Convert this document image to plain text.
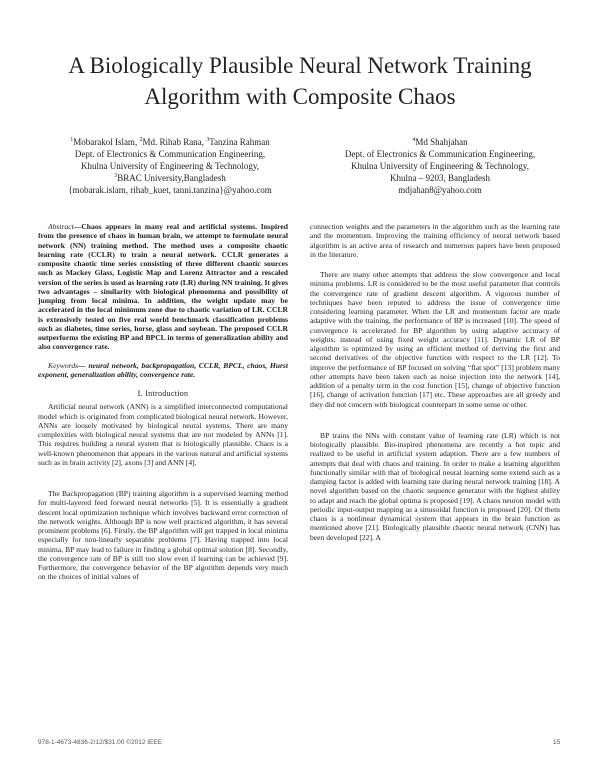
A Biologically Plausible Neural Network Training
Algorithm with Composite Chaos
$^1$Mobarakol Islam, $^2$Md. Rihab Rana, $^3$Tanzina Rahman
Dept. of Electronics & Communication Engineering,
Khulna University of Engineering & Technology,
$^3$BRAC University,Bangladesh
{mobarak.islam, rihab_kuet, tanni.tanzina}@yahoo.com
$^4$Md Shahjahan
Dept. of Electronics & Communication Engineering,
Khulna University of Engineering & Technology,
Khulna – 9203, Bangladesh
mdjahan8@yahoo.com

Abstract—Chaos appears in many real and artificial systems. Inspired from the presence of chaos in human brain, we attempt to formulate neural network (NN) training method. The method uses a composite chaotic learning rate (CCLR) to train a neural network. CCLR generates a composite chaotic time series consisting of three different chaotic sources such as Mackey Glass, Logistic Map and Lorenz Attractor and a rescaled version of the series is used as learning rate (LR) during NN training. It gives two advantages – similarity with biological phenomena and possibility of jumping from local minima. In addition, the weight update may be accelerated in the local minimum zone due to chaotic variation of LR. CCLR is extensively tested on five real world benchmark classification problems such as diabetes, time series, horse, glass and soybean. The proposed CCLR outperforms the existing BP and BPCL in terms of generalization ability and also convergence rate.

Keywords— neural network, backpropagation, CCLR, BPCL, chaos, Hurst exponent, generalization ability, convergence rate.

I. Introduction

Artificial neural network (ANN) is a simplified interconnected computational model which is originated from complicated biological neural network. However, ANNs are loosely motivated by biological neural systems. There are many complexities with biological neural systems that are not modeled by ANNs [1]. This requires building a neural system that is biologically plausible. Chaos is a well-known phenomenon that appears in the various natural and artificial systems such as in brain activity [2], axons [3] and ANN [4].

The Backpropagation (BP) training algorithm is a supervised learning method for multi-layered feed forward neural networks [5]. It is essentially a gradient descent local optimization technique which involves backward error correction of the network weights. Although BP is now well practiced algorithm, it has several prominent problems [6]. Firstly, the BP algorithm will get trapped in local minima especially for non-linearly separable problems [7]. Having trapped into local minima, BP may lead to failure in finding a global optimal solution [8]. Secondly, the convergence rate of BP is still too slow even if learning can be achieved [9]. Furthermore, the convergence behavior of the BP algorithm depends very much on the choices of initial values of

connection weights and the parameters in the algorithm such as the learning rate and the momentum. Improving the training efficiency of neural network based algorithm is an active area of research and numerous papers have been proposed in the literature.

There are many other attempts that address the slow convergence and local minima problems. LR is considered to be the most useful parameter that controls the convergence rate of gradient descent algorithm. A vigorous number of techniques have been reputed to address the issue of convergence time considering learning parameter. When the LR and momentum factor are made adaptive with the training, the performance of BP is increased [10]. The speed of convergence is accelerated for BP algorithm by using adaptive accuracy of weights, instead of using fixed weight accuracy [11]. Dynamic LR of BP algorithm is optimized by using an efficient method of deriving the first and second derivatives of the objective function with respect to the LR [12]. To improve the performance of BP focused on solving “flat spot” [13] problem many other attempts have been taken such as noise injection into the network [14], addition of a penalty term in the cost function [15], change of objective function [16], change of activation function [17] etc. These approaches are all greedy and they did not concern with biological counterpart in some sense or other.

BP trains the NNs with constant value of learning rate (LR) which is not biologically plausible. Bio-inspired phenomena are recently a hot topic and realized to be useful in artificial system adaption. There are a few numbers of attempts that deal with chaos and training. In order to make a learning algorithm functionally similar with that of biological neural learning some extend such as a damping factor is added with learning rate during neural network training [18]. A novel algorithm based on the chaotic sequence generator with the highest ability to adapt and reach the global optima is proposed [19]. A chaos neuron model with periodic input-output mapping as a sinusoidal function is proposed [20]. Of them chaos is a nonlinear dynamical system that appears in the brain function as mentioned above [21]. Biologically plausible chaotic neural network (CNN) has been developed [22]. A

978-1-4673-4836-2/12/$31.00 ©2012 IEEE	15
